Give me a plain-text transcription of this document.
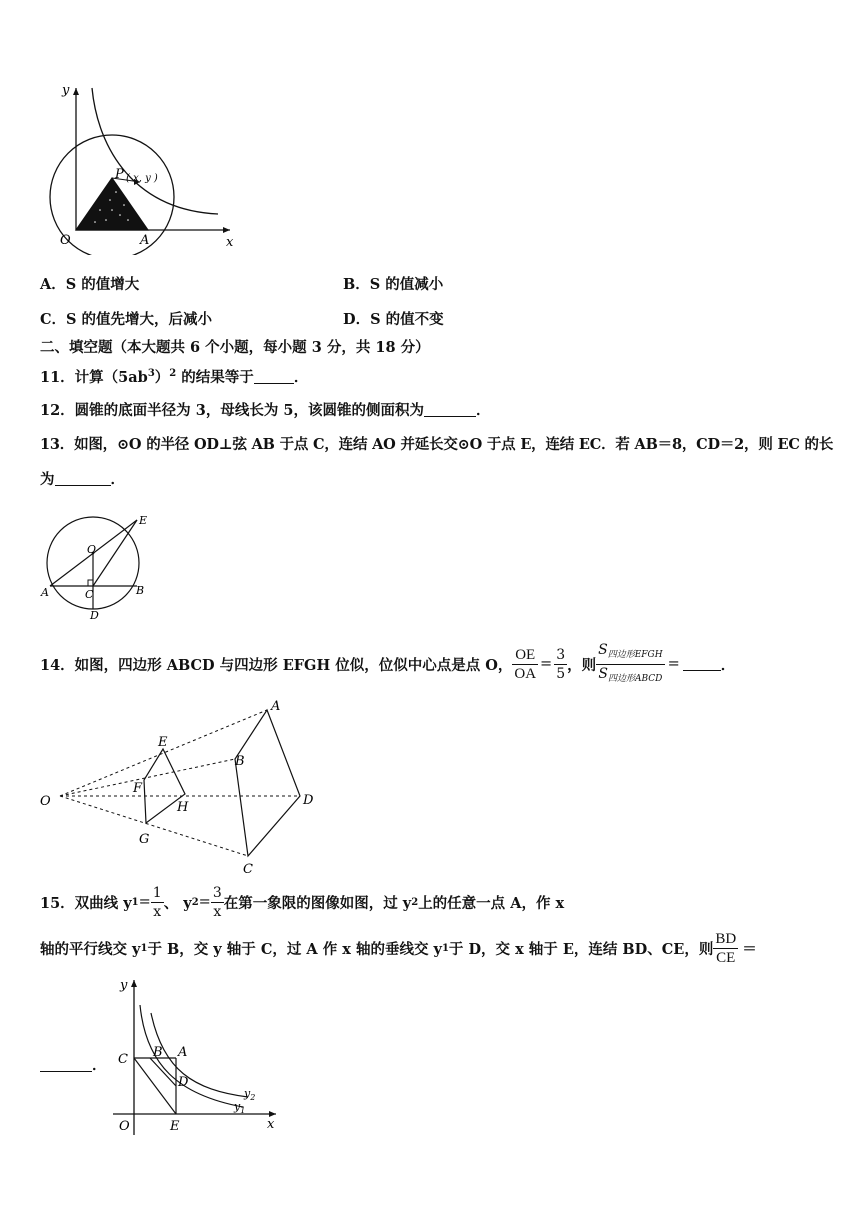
y
x
O	A
P ( x, y )
A．S 的值增大	B．S 的值减小
C．S 的值先增大，后减小	D．S 的值不变
二、填空题（本大题共 6 个小题，每小题 3 分，共 18 分）
11．计算$(5ab^3)^2$ 的结果等于	．
12．圆锥的底面半径为 3，母线长为 5，该圆锥的侧面积为	．
13．如图，⊙O 的半径 OD⊥弦 AB 于点 C，连结 AO 并延长交⊙O 于点 E，连结 EC．若 AB＝8，CD＝2，则 EC 的长
为	．
E
O
A	C	B
D
14．如图，四边形 ABCD 与四边形 EFGH 位似，位似中心点是点 O， $\frac{OE}{OA} = \frac{3}{5}$ ，则 $\frac{S_{四边形EFGH}}{S_{四边形ABCD}}$ =	．
A
B
C
D
E
F
G
H
O
15．双曲线 y $1 = \frac{1}{x}$ 、 y $2 = \frac{3}{x}$ 在第一象限的图像如图，过 y 2 上的任意一点 A，作 x
轴的平行线交 y 1 于 B，交 y 轴于 C，过 A 作 x 轴的垂线交 y 1 于 D，交 x 轴于 E，连结 BD、CE，则 $\frac{BD}{CE}$ ＝
．
y
x
O
C B A
D
E
$y_2$
$y_1$
